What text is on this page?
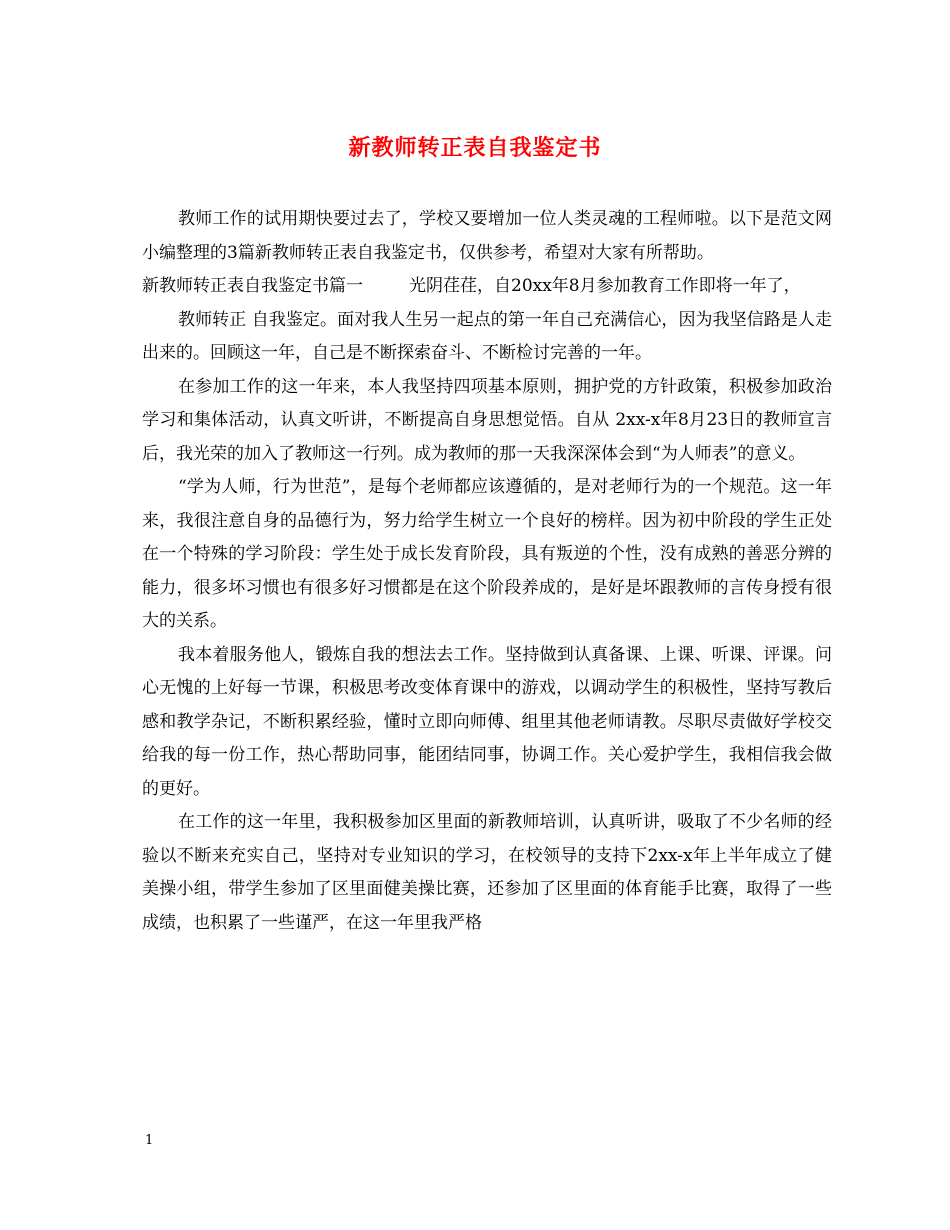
新教师转正表自我鉴定书

教师工作的试用期快要过去了，学校又要增加一位人类灵魂的工程师啦。以下是范文网小编整理的3篇新教师转正表自我鉴定书，仅供参考，希望对大家有所帮助。

新教师转正表自我鉴定书篇一	光阴荏荏，自20xx年8月参加教育工作即将一年了，

教师转正 自我鉴定。面对我人生另一起点的第一年自己充满信心，因为我坚信路是人走出来的。回顾这一年，自己是不断探索奋斗、不断检讨完善的一年。

在参加工作的这一年来，本人我坚持四项基本原则，拥护党的方针政策，积极参加政治学习和集体活动，认真文听讲，不断提高自身思想觉悟。自从 2xx-x年8月23日的教师宣言后，我光荣的加入了教师这一行列。成为教师的那一天我深深体会到“为人师表”的意义。

“学为人师，行为世范”，是每个老师都应该遵循的，是对老师行为的一个规范。这一年来，我很注意自身的品德行为，努力给学生树立一个良好的榜样。因为初中阶段的学生正处在一个特殊的学习阶段：学生处于成长发育阶段，具有叛逆的个性，没有成熟的善恶分辨的能力，很多坏习惯也有很多好习惯都是在这个阶段养成的，是好是坏跟教师的言传身授有很大的关系。

我本着服务他人，锻炼自我的想法去工作。坚持做到认真备课、上课、听课、评课。问心无愧的上好每一节课，积极思考改变体育课中的游戏，以调动学生的积极性，坚持写教后感和教学杂记，不断积累经验，懂时立即向师傅、组里其他老师请教。尽职尽责做好学校交给我的每一份工作，热心帮助同事，能团结同事，协调工作。关心爱护学生，我相信我会做的更好。

在工作的这一年里，我积极参加区里面的新教师培训，认真听讲，吸取了不少名师的经验以不断来充实自己，坚持对专业知识的学习，在校领导的支持下2xx-x年上半年成立了健美操小组，带学生参加了区里面健美操比赛，还参加了区里面的体育能手比赛，取得了一些成绩，也积累了一些谨严，在这一年里我严格

1
